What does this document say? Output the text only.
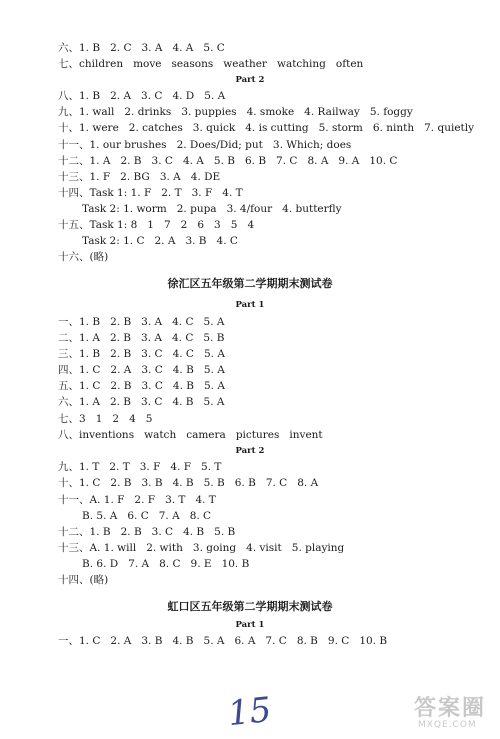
六、1. B   2. C   3. A   4. A   5. C
七、children   move   seasons   weather   watching   often
Part 2
八、1. B   2. A   3. C   4. D   5. A
九、1. wall   2. drinks   3. puppies   4. smoke   4. Railway   5. foggy
十、1. were   2. catches   3. quick   4. is cutting   5. storm   6. ninth   7. quietly
十一、1. our brushes   2. Does/Did; put   3. Which; does
十二、1. A   2. B   3. C   4. A   5. B   6. B   7. C   8. A   9. A   10. C
十三、1. F   2. BG   3. A   4. DE
十四、Task 1: 1. F   2. T   3. F   4. T
Task 2: 1. worm   2. pupa   3. 4/four   4. butterfly
十五、Task 1: 8   1   7   2   6   3   5   4
Task 2: 1. C   2. A   3. B   4. C
十六、(略)
徐汇区五年级第二学期期末测试卷
Part 1
一、1. B   2. B   3. A   4. C   5. A
二、1. A   2. B   3. A   4. C   5. B
三、1. B   2. B   3. C   4. C   5. A
四、1. C   2. A   3. C   4. B   5. A
五、1. C   2. B   3. C   4. B   5. A
六、1. A   2. B   3. C   4. B   5. A
七、3   1   2   4   5
八、inventions   watch   camera   pictures   invent
Part 2
九、1. T   2. T   3. F   4. F   5. T
十、1. C   2. B   3. B   4. B   5. B   6. B   7. C   8. A
十一、A. 1. F   2. F   3. T   4. T
B. 5. A   6. C   7. A   8. C
十二、1. B   2. B   3. C   4. B   5. B
十三、A. 1. will   2. with   3. going   4. visit   5. playing
B. 6. D   7. A   8. C   9. E   10. B
十四、(略)
虹口区五年级第二学期期末测试卷
Part 1
一、1. C   2. A   3. B   4. B   5. A   6. A   7. C   8. B   9. C   10. B
15	答案圈
MXQE.COM
